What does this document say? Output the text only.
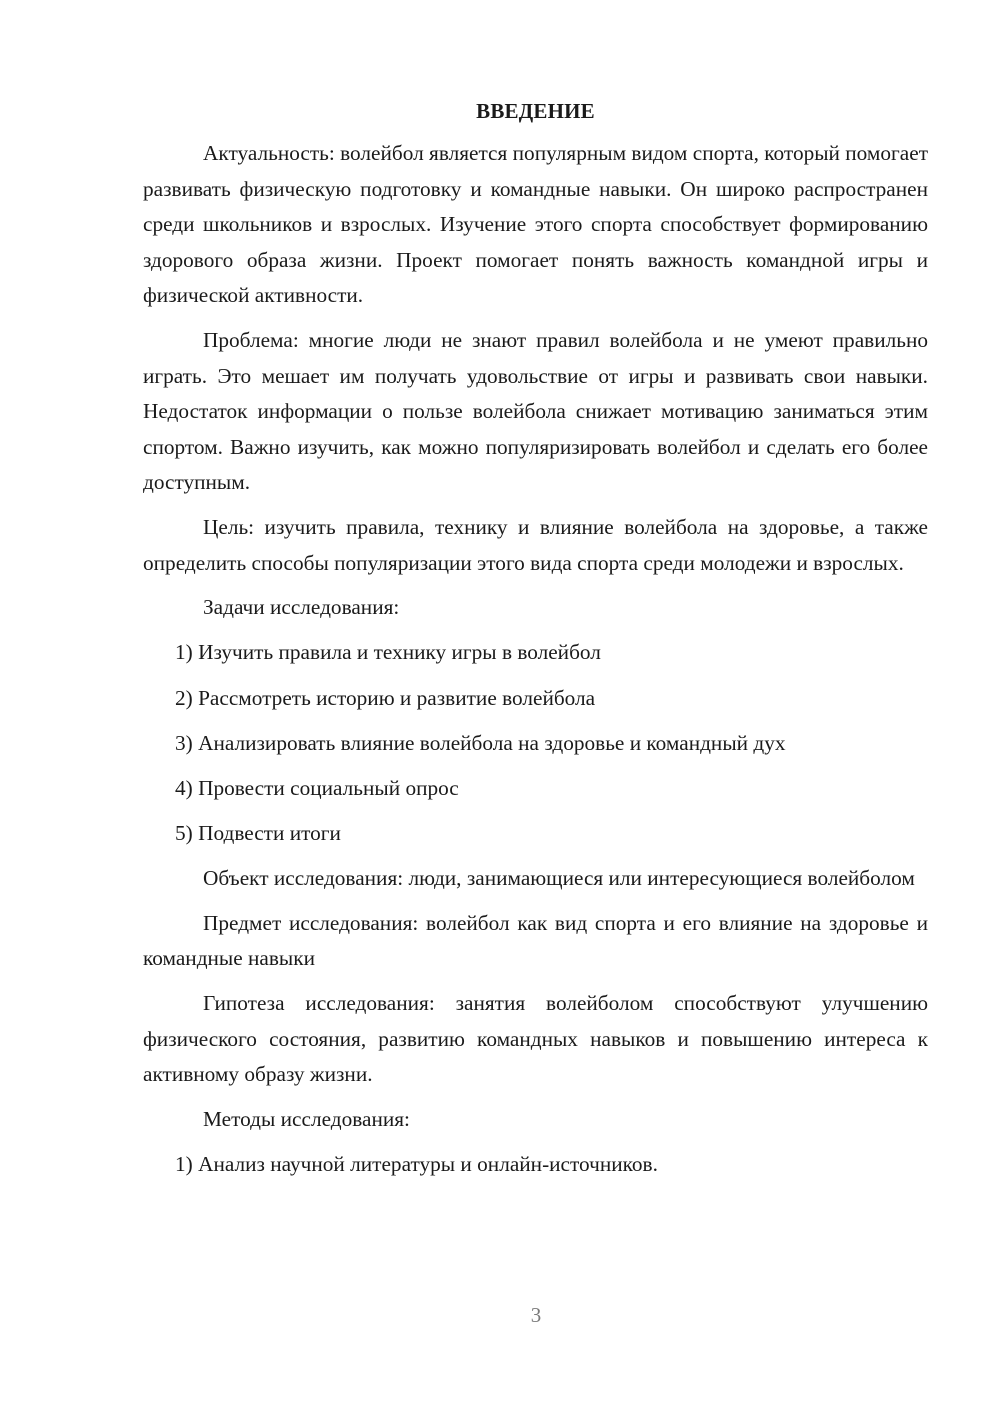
ВВЕДЕНИЕ

Актуальность: волейбол является популярным видом спорта, который помогает развивать физическую подготовку и командные навыки. Он широко распространен среди школьников и взрослых. Изучение этого спорта способствует формированию здорового образа жизни. Проект помогает понять важность командной игры и физической активности.

Проблема: многие люди не знают правил волейбола и не умеют правильно играть. Это мешает им получать удовольствие от игры и развивать свои навыки. Недостаток информации о пользе волейбола снижает мотивацию заниматься этим спортом. Важно изучить, как можно популяризировать волейбол и сделать его более доступным.

Цель: изучить правила, технику и влияние волейбола на здоровье, а также определить способы популяризации этого вида спорта среди молодежи и взрослых.

Задачи исследования:
1) Изучить правила и технику игры в волейбол
2) Рассмотреть историю и развитие волейбола
3) Анализировать влияние волейбола на здоровье и командный дух
4) Провести социальный опрос
5) Подвести итоги

Объект исследования: люди, занимающиеся или интересующиеся волейболом

Предмет исследования: волейбол как вид спорта и его влияние на здоровье и командные навыки

Гипотеза исследования: занятия волейболом способствуют улучшению физического состояния, развитию командных навыков и повышению интереса к активному образу жизни.

Методы исследования:
1) Анализ научной литературы и онлайн-источников.
3
